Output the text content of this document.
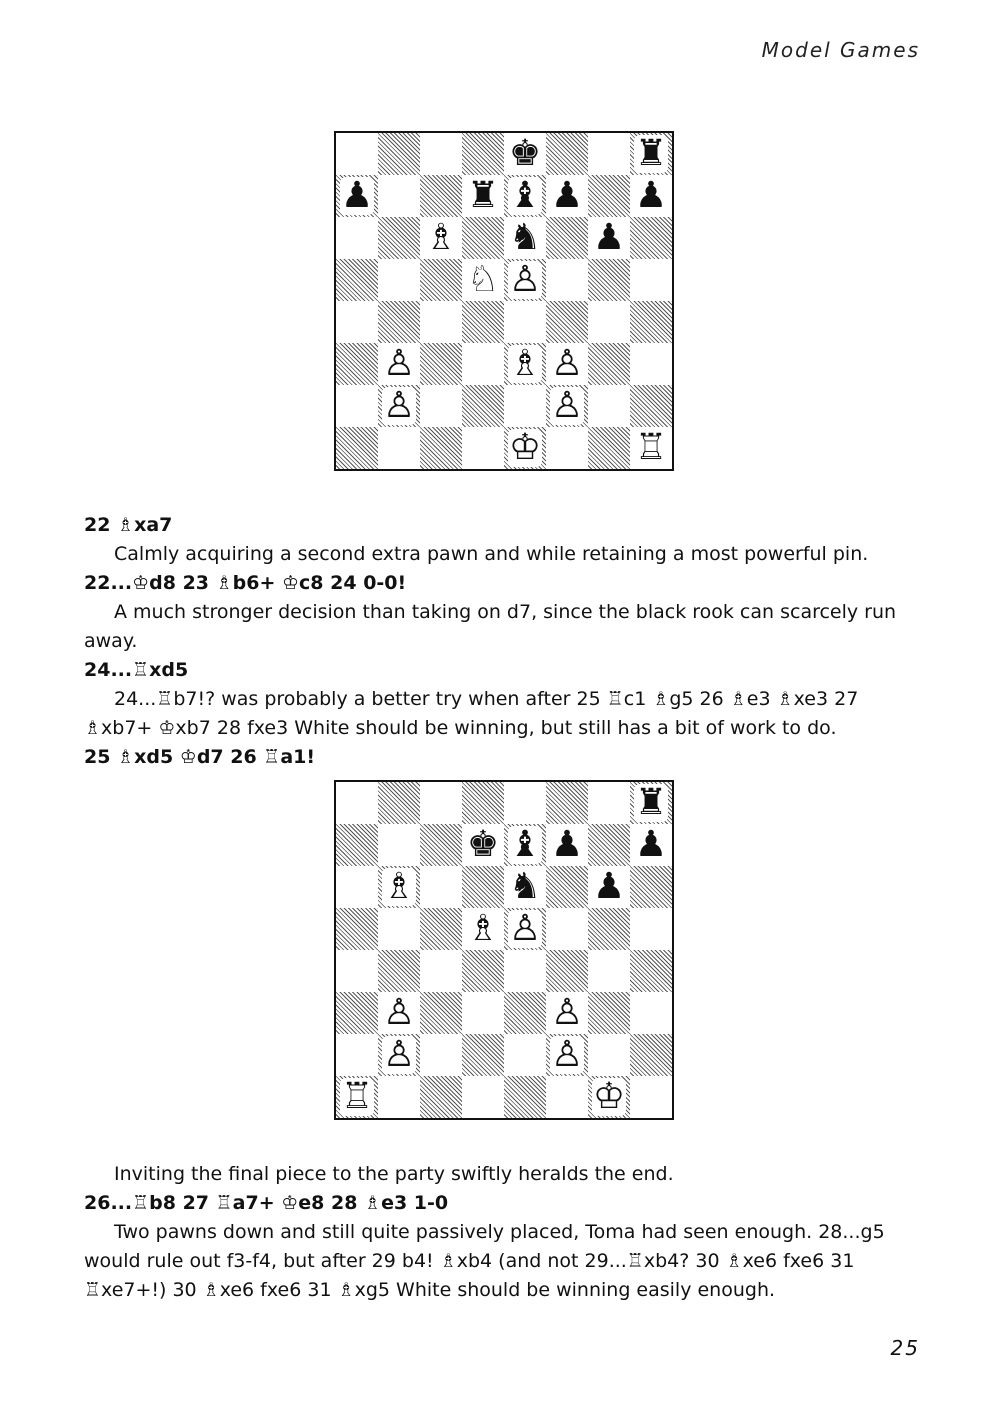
Model Games
♚	♜
♟	♜ ♝ ♟ ♟
♗ ♞ ♟
♘ ♙
♙	♗ ♙
♙	♙
♔	♖
22 ♗xa7
Calmly acquiring a second extra pawn and while retaining a most powerful pin.
22...♔d8 23 ♗b6+ ♔c8 24 0-0!
A much stronger decision than taking on d7, since the black rook can scarcely run away.
24...♖xd5
24...♖b7!? was probably a better try when after 25 ♖c1 ♗g5 26 ♗e3 ♗xe3 27 ♗xb7+ ♔xb7 28 fxe3 White should be winning, but still has a bit of work to do.
25 ♗xd5 ♔d7 26 ♖a1!
♜
♚ ♝ ♟ ♟
♗	♞ ♟
♗ ♙
♙	♙
♙	♙
♖	♔
Inviting the final piece to the party swiftly heralds the end.
26...♖b8 27 ♖a7+ ♔e8 28 ♗e3 1-0
Two pawns down and still quite passively placed, Toma had seen enough. 28...g5 would rule out f3-f4, but after 29 b4! ♗xb4 (and not 29...♖xb4? 30 ♗xe6 fxe6 31 ♖xe7+!) 30 ♗xe6 fxe6 31 ♗xg5 White should be winning easily enough.
25
